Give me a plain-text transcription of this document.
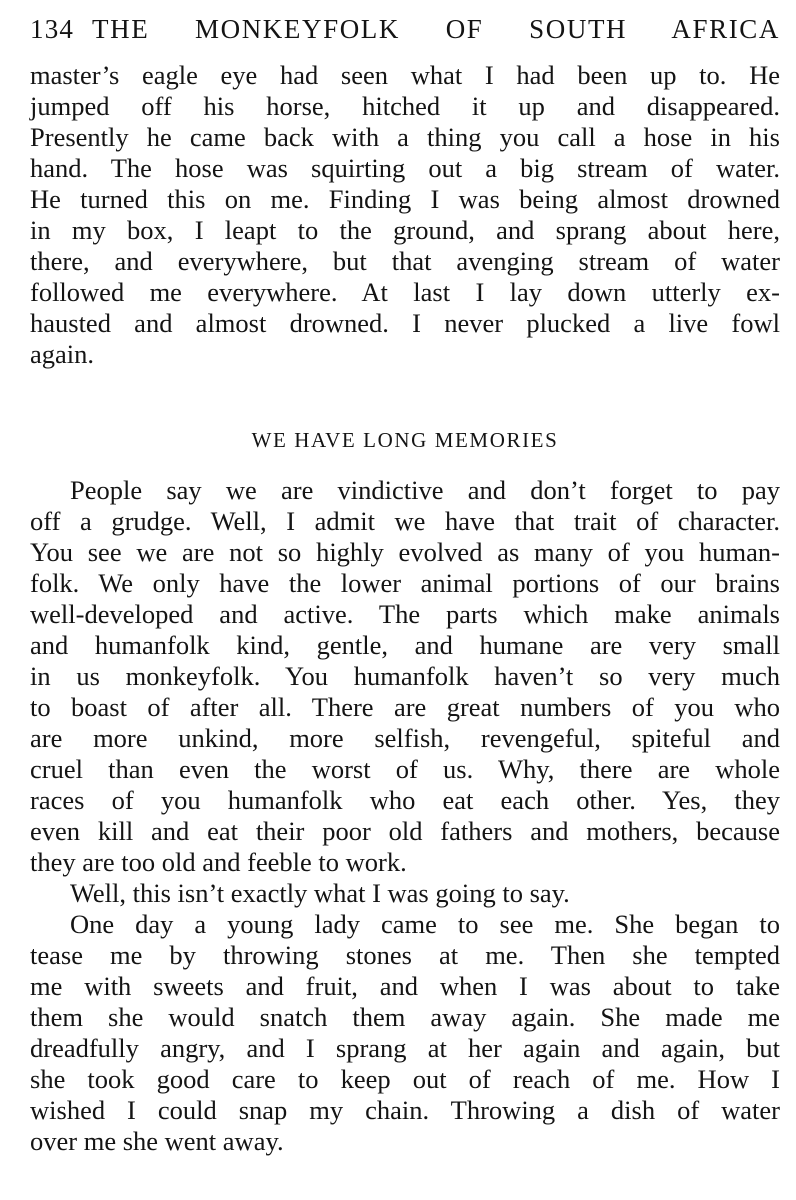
134 THE MONKEYFOLK OF SOUTH AFRICA

master’s eagle eye had seen what I had been up to. He
jumped off his horse, hitched it up and disappeared.
Presently he came back with a thing you call a hose in his
hand. The hose was squirting out a big stream of water.
He turned this on me. Finding I was being almost drowned
in my box, I leapt to the ground, and sprang about here,
there, and everywhere, but that avenging stream of water
followed me everywhere. At last I lay down utterly ex-
hausted and almost drowned. I never plucked a live fowl
again.

WE HAVE LONG MEMORIES

People say we are vindictive and don’t forget to pay
off a grudge. Well, I admit we have that trait of character.
You see we are not so highly evolved as many of you human-
folk. We only have the lower animal portions of our brains
well-developed and active. The parts which make animals
and humanfolk kind, gentle, and humane are very small
in us monkeyfolk. You humanfolk haven’t so very much
to boast of after all. There are great numbers of you who
are more unkind, more selfish, revengeful, spiteful and
cruel than even the worst of us. Why, there are whole
races of you humanfolk who eat each other. Yes, they
even kill and eat their poor old fathers and mothers, because
they are too old and feeble to work.

Well, this isn’t exactly what I was going to say.

One day a young lady came to see me. She began to
tease me by throwing stones at me. Then she tempted
me with sweets and fruit, and when I was about to take
them she would snatch them away again. She made me
dreadfully angry, and I sprang at her again and again, but
she took good care to keep out of reach of me. How I
wished I could snap my chain. Throwing a dish of water
over me she went away.
